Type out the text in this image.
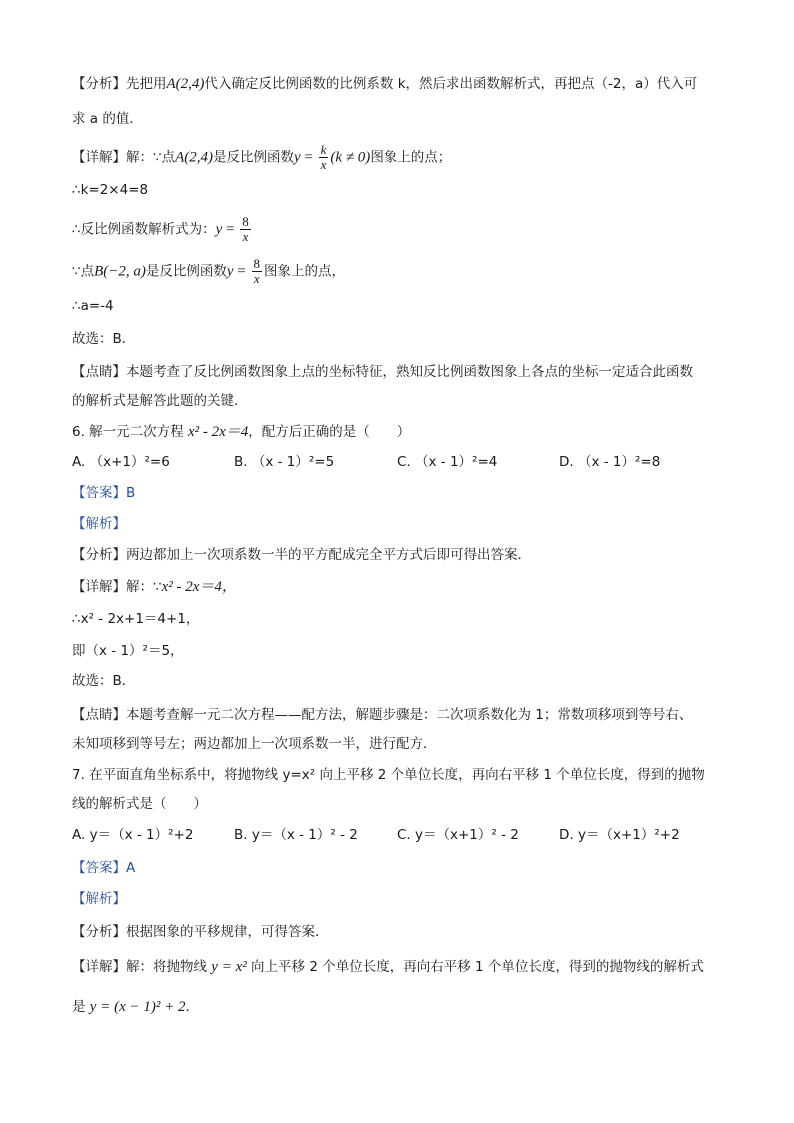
【分析】先把用A(2,4)代入确定反比例函数的比例系数 k，然后求出函数解析式，再把点（-2，a）代入可
求 a 的值．
【详解】解：∵点A(2,4)是反比例函数$y = \frac{k}{x} (k \ne 0)$图象上的点；
∴k=2×4=8
∴反比例函数解析式为：$y = \frac{8}{x}$
∵点B(−2, a)是反比例函数$y = \frac{8}{x}$ 图象上的点，
∴a=-4
故选：B．
【点睛】本题考查了反比例函数图象上点的坐标特征，熟知反比例函数图象上各点的坐标一定适合此函数
的解析式是解答此题的关键．
6. 解一元二次方程 x² - 2x＝4，配方后正确的是（　　）
A. （x+1）²=6	B. （x - 1）²=5	C. （x - 1）²=4	D. （x - 1）²=8
【答案】B
【解析】
【分析】两边都加上一次项系数一半的平方配成完全平方式后即可得出答案．
【详解】解：∵x² - 2x＝4，
∴x² - 2x+1＝4+1，
即（x - 1）²＝5，
故选：B．
【点睛】本题考查解一元二次方程——配方法，解题步骤是：二次项系数化为 1；常数项移项到等号右、
未知项移到等号左；两边都加上一次项系数一半，进行配方．
7. 在平面直角坐标系中，将抛物线 y=x² 向上平移 2 个单位长度，再向右平移 1 个单位长度，得到的抛物
线的解析式是（　　）
A. y＝（x - 1）²+2	B. y＝（x - 1）² - 2	C. y＝（x+1）² - 2	D. y＝（x+1）²+2
【答案】A
【解析】
【分析】根据图象的平移规律，可得答案．
【详解】解：将抛物线 y = x² 向上平移 2 个单位长度，再向右平移 1 个单位长度，得到的抛物线的解析式
是 y = (x − 1)² + 2．
